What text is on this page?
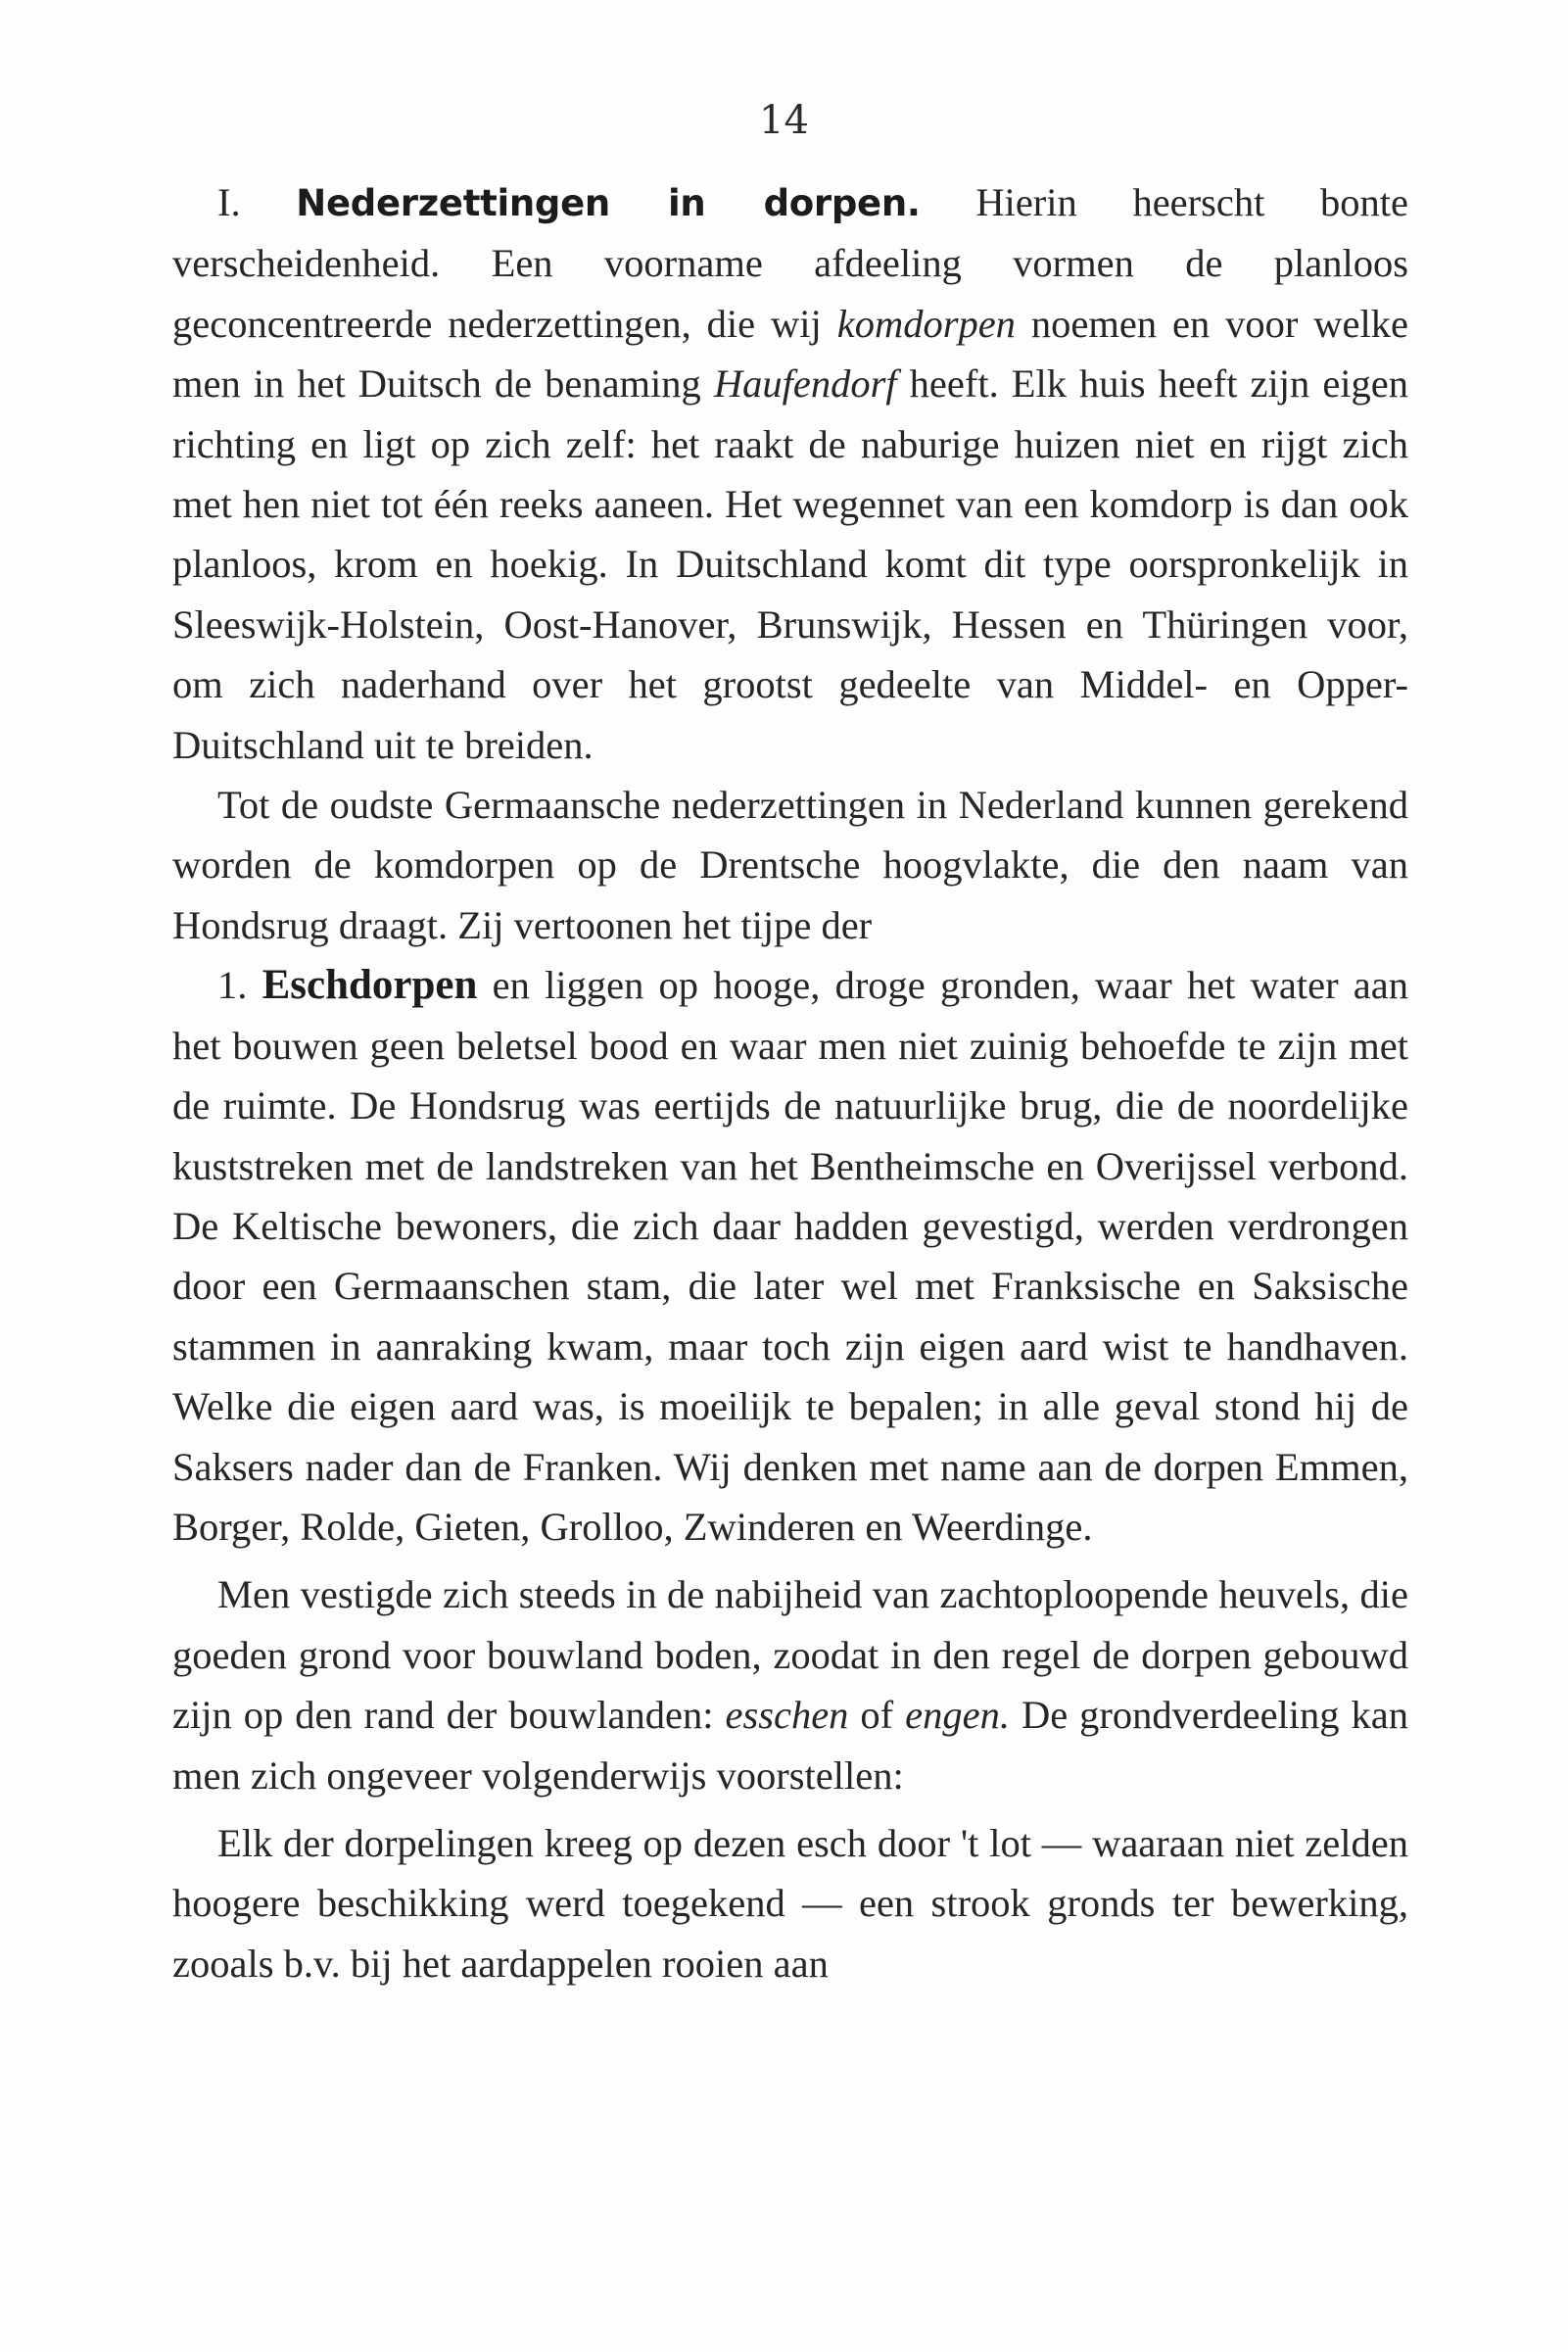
14

I. Nederzettingen in dorpen. Hierin heerscht bonte verscheidenheid. Een voorname afdeeling vormen de planloos geconcentreerde nederzettingen, die wij komdorpen noemen en voor welke men in het Duitsch de benaming Haufendorf heeft. Elk huis heeft zijn eigen richting en ligt op zich zelf: het raakt de naburige huizen niet en rijgt zich met hen niet tot één reeks aaneen. Het wegennet van een komdorp is dan ook planloos, krom en hoekig. In Duitschland komt dit type oorspronkelijk in Sleeswijk-Holstein, Oost-Hanover, Brunswijk, Hessen en Thüringen voor, om zich naderhand over het grootst gedeelte van Middel- en Opper-Duitschland uit te breiden.

Tot de oudste Germaansche nederzettingen in Nederland kunnen gerekend worden de komdorpen op de Drentsche hoogvlakte, die den naam van Hondsrug draagt. Zij vertoonen het tijpe der

1. Eschdorpen en liggen op hooge, droge gronden, waar het water aan het bouwen geen beletsel bood en waar men niet zuinig behoefde te zijn met de ruimte. De Hondsrug was eertijds de natuurlijke brug, die de noordelijke kuststreken met de landstreken van het Bentheimsche en Overijssel verbond. De Keltische bewoners, die zich daar hadden gevestigd, werden verdrongen door een Germaanschen stam, die later wel met Franksische en Saksische stammen in aanraking kwam, maar toch zijn eigen aard wist te handhaven. Welke die eigen aard was, is moeilijk te bepalen; in alle geval stond hij de Saksers nader dan de Franken. Wij denken met name aan de dorpen Emmen, Borger, Rolde, Gieten, Grolloo, Zwinderen en Weerdinge.

Men vestigde zich steeds in de nabijheid van zachtoploopende heuvels, die goeden grond voor bouwland boden, zoodat in den regel de dorpen gebouwd zijn op den rand der bouwlanden: esschen of engen. De grondverdeeling kan men zich ongeveer volgenderwijs voorstellen:

Elk der dorpelingen kreeg op dezen esch door 't lot — waaraan niet zelden hoogere beschikking werd toegekend — een strook gronds ter bewerking, zooals b.v. bij het aardappelen rooien aan
